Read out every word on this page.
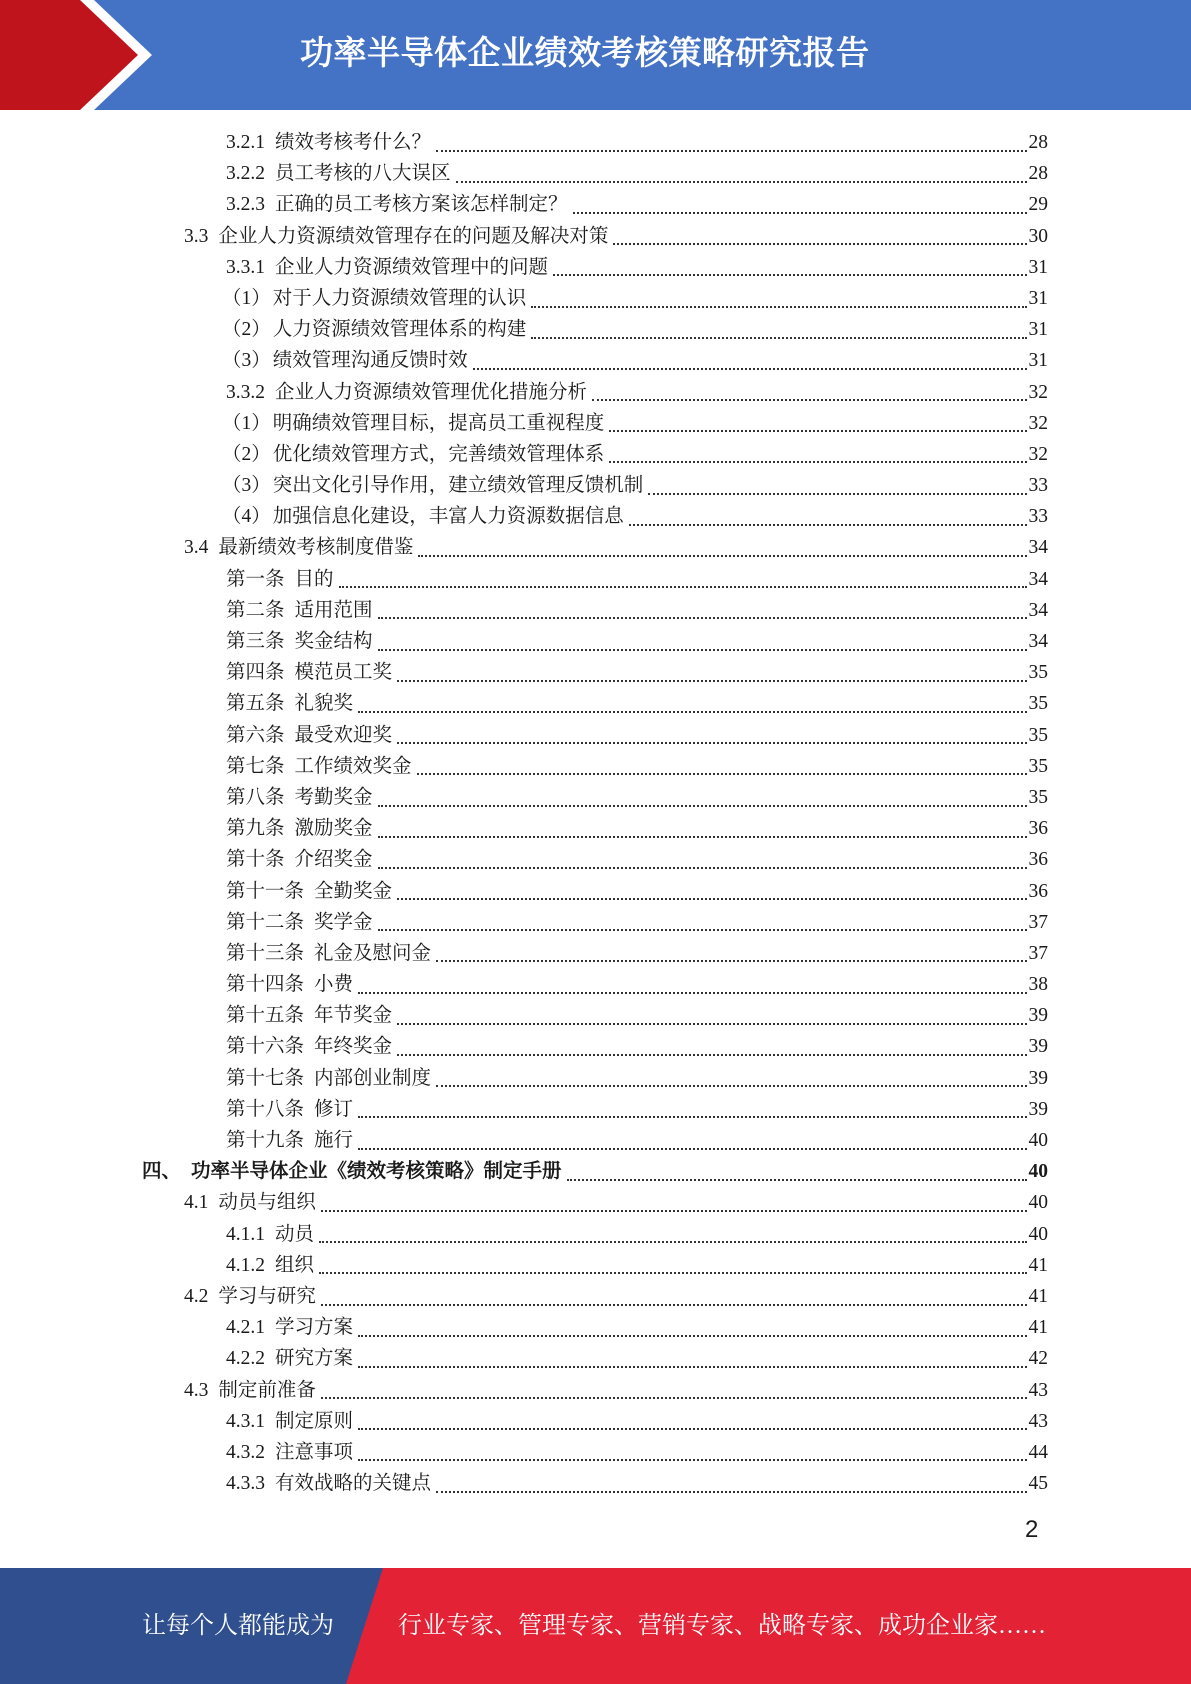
功率半导体企业绩效考核策略研究报告
3.2.1 绩效考核考什么？	28
3.2.2 员工考核的八大误区	28
3.2.3 正确的员工考核方案该怎样制定？	29
3.3 企业人力资源绩效管理存在的问题及解决对策	30
3.3.1 企业人力资源绩效管理中的问题	31
（1） 对于人力资源绩效管理的认识	31
（2） 人力资源绩效管理体系的构建	31
（3） 绩效管理沟通反馈时效	31
3.3.2 企业人力资源绩效管理优化措施分析	32
（1） 明确绩效管理目标，提高员工重视程度	32
（2） 优化绩效管理方式，完善绩效管理体系	32
（3） 突出文化引导作用，建立绩效管理反馈机制	33
（4） 加强信息化建设，丰富人力资源数据信息	33
3.4 最新绩效考核制度借鉴	34
第一条 目的	34
第二条 适用范围	34
第三条 奖金结构	34
第四条 模范员工奖	35
第五条 礼貌奖	35
第六条 最受欢迎奖	35
第七条 工作绩效奖金	35
第八条 考勤奖金	35
第九条 激励奖金	36
第十条 介绍奖金	36
第十一条 全勤奖金	36
第十二条 奖学金	37
第十三条 礼金及慰问金	37
第十四条 小费	38
第十五条 年节奖金	39
第十六条 年终奖金	39
第十七条 内部创业制度	39
第十八条 修订	39
第十九条 施行	40
四、 功率半导体企业《绩效考核策略》制定手册	40
4.1 动员与组织	40
4.1.1 动员	40
4.1.2 组织	41
4.2 学习与研究	41
4.2.1 学习方案	41
4.2.2 研究方案	42
4.3 制定前准备	43
4.3.1 制定原则	43
4.3.2 注意事项	44
4.3.3 有效战略的关键点	45
2
让每个人都能成为	行业专家、管理专家、营销专家、战略专家、成功企业家……
